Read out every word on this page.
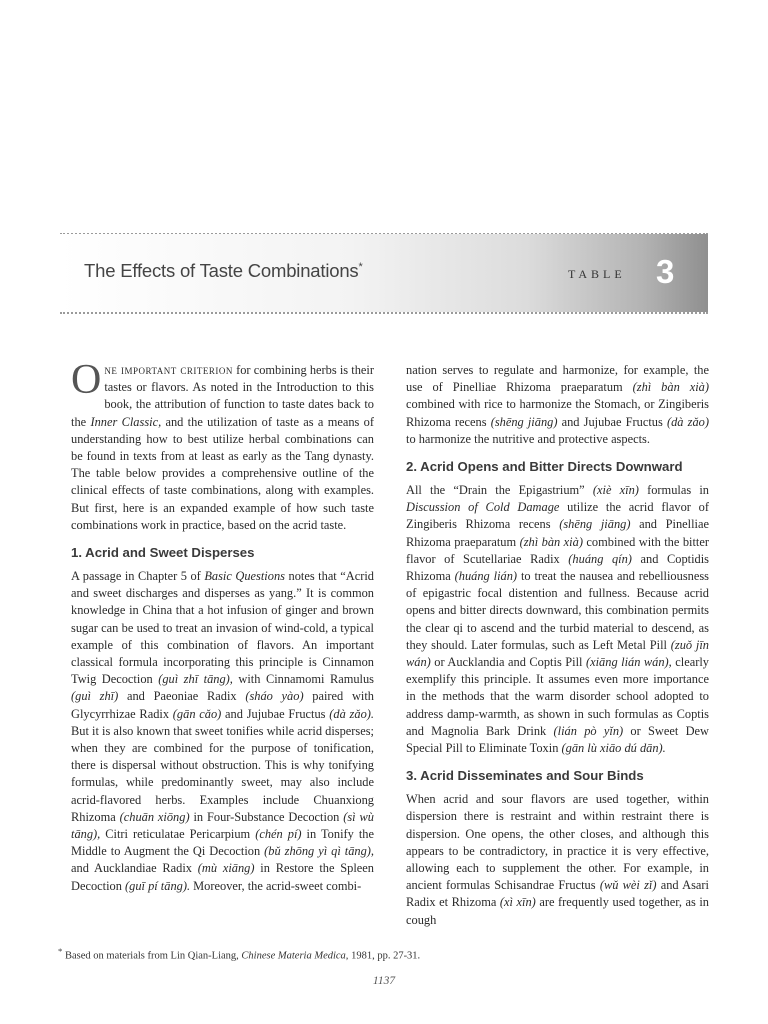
The Effects of Taste Combinations*
TABLE 3

One important criterion for combining herbs is their tastes or flavors. As noted in the Introduction to this book, the attribution of function to taste dates back to the Inner Classic, and the utilization of taste as a means of understanding how to best utilize herbal combinations can be found in texts from at least as early as the Tang dynasty. The table below provides a comprehensive outline of the clinical effects of taste combinations, along with examples. But first, here is an expanded example of how such taste combinations work in practice, based on the acrid taste.

1. Acrid and Sweet Disperses

A passage in Chapter 5 of Basic Questions notes that “Acrid and sweet discharges and disperses as yang.” It is common knowledge in China that a hot infusion of ginger and brown sugar can be used to treat an invasion of wind-cold, a typical example of this combination of flavors. An important classical formula incorporating this principle is Cinnamon Twig Decoction (guì zhī tāng), with Cinnamomi Ramulus (guì zhī) and Paeoniae Radix (sháo yào) paired with Glycyrrhizae Radix (gān cǎo) and Jujubae Fructus (dà zǎo). But it is also known that sweet tonifies while acrid disperses; when they are combined for the purpose of tonification, there is dispersal without obstruction. This is why tonifying formulas, while predominantly sweet, may also include acrid-flavored herbs. Examples include Chuanxiong Rhizoma (chuān xiōng) in Four-Substance Decoction (sì wù tāng), Citri reticulatae Pericarpium (chén pí) in Tonify the Middle to Augment the Qi Decoction (bǔ zhōng yì qì tāng), and Aucklandiae Radix (mù xiāng) in Restore the Spleen Decoction (guī pí tāng). Moreover, the acrid-sweet combi-

nation serves to regulate and harmonize, for example, the use of Pinelliae Rhizoma praeparatum (zhì bàn xià) combined with rice to harmonize the Stomach, or Zingiberis Rhizoma recens (shēng jiāng) and Jujubae Fructus (dà zǎo) to harmonize the nutritive and protective aspects.

2. Acrid Opens and Bitter Directs Downward

All the “Drain the Epigastrium” (xiè xīn) formulas in Discussion of Cold Damage utilize the acrid flavor of Zingiberis Rhizoma recens (shēng jiāng) and Pinelliae Rhizoma praeparatum (zhì bàn xià) combined with the bitter flavor of Scutellariae Radix (huáng qín) and Coptidis Rhizoma (huáng lián) to treat the nausea and rebelliousness of epigastric focal distention and fullness. Because acrid opens and bitter directs downward, this combination permits the clear qi to ascend and the turbid material to descend, as they should. Later formulas, such as Left Metal Pill (zuǒ jīn wán) or Aucklandia and Coptis Pill (xiāng lián wán), clearly exemplify this principle. It assumes even more importance in the methods that the warm disorder school adopted to address damp-warmth, as shown in such formulas as Coptis and Magnolia Bark Drink (lián pò yǐn) or Sweet Dew Special Pill to Eliminate Toxin (gān lù xiāo dú dān).

3. Acrid Disseminates and Sour Binds

When acrid and sour flavors are used together, within dispersion there is restraint and within restraint there is dispersion. One opens, the other closes, and although this appears to be contradictory, in practice it is very effective, allowing each to supplement the other. For example, in ancient formulas Schisandrae Fructus (wǔ wèi zǐ) and Asari Radix et Rhizoma (xì xīn) are frequently used together, as in cough

* Based on materials from Lin Qian-Liang, Chinese Materia Medica, 1981, pp. 27-31.
1137
